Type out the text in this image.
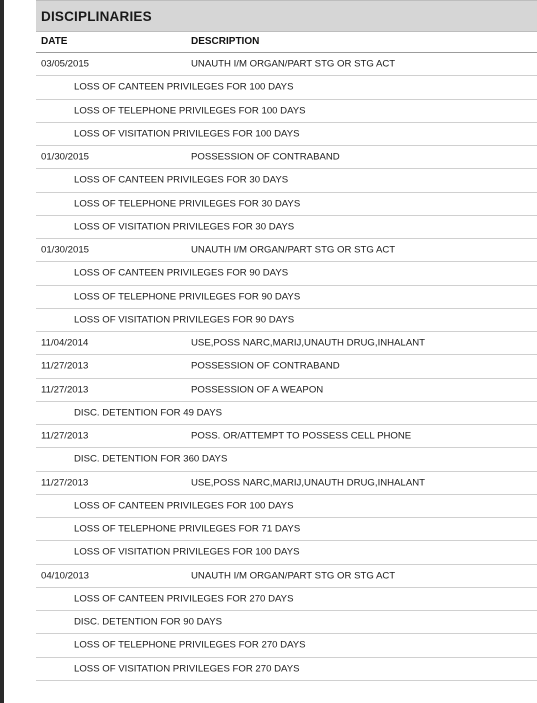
DISCIPLINARIES
DATE	DESCRIPTION
03/05/2015	UNAUTH I/M ORGAN/PART STG OR STG ACT
LOSS OF CANTEEN PRIVILEGES FOR 100 DAYS
LOSS OF TELEPHONE PRIVILEGES FOR 100 DAYS
LOSS OF VISITATION PRIVILEGES FOR 100 DAYS
01/30/2015	POSSESSION OF CONTRABAND
LOSS OF CANTEEN PRIVILEGES FOR 30 DAYS
LOSS OF TELEPHONE PRIVILEGES FOR 30 DAYS
LOSS OF VISITATION PRIVILEGES FOR 30 DAYS
01/30/2015	UNAUTH I/M ORGAN/PART STG OR STG ACT
LOSS OF CANTEEN PRIVILEGES FOR 90 DAYS
LOSS OF TELEPHONE PRIVILEGES FOR 90 DAYS
LOSS OF VISITATION PRIVILEGES FOR 90 DAYS
11/04/2014	USE,POSS NARC,MARIJ,UNAUTH DRUG,INHALANT
11/27/2013	POSSESSION OF CONTRABAND
11/27/2013	POSSESSION OF A WEAPON
DISC. DETENTION FOR 49 DAYS
11/27/2013	POSS. OR/ATTEMPT TO POSSESS CELL PHONE
DISC. DETENTION FOR 360 DAYS
11/27/2013	USE,POSS NARC,MARIJ,UNAUTH DRUG,INHALANT
LOSS OF CANTEEN PRIVILEGES FOR 100 DAYS
LOSS OF TELEPHONE PRIVILEGES FOR 71 DAYS
LOSS OF VISITATION PRIVILEGES FOR 100 DAYS
04/10/2013	UNAUTH I/M ORGAN/PART STG OR STG ACT
LOSS OF CANTEEN PRIVILEGES FOR 270 DAYS
DISC. DETENTION FOR 90 DAYS
LOSS OF TELEPHONE PRIVILEGES FOR 270 DAYS
LOSS OF VISITATION PRIVILEGES FOR 270 DAYS
